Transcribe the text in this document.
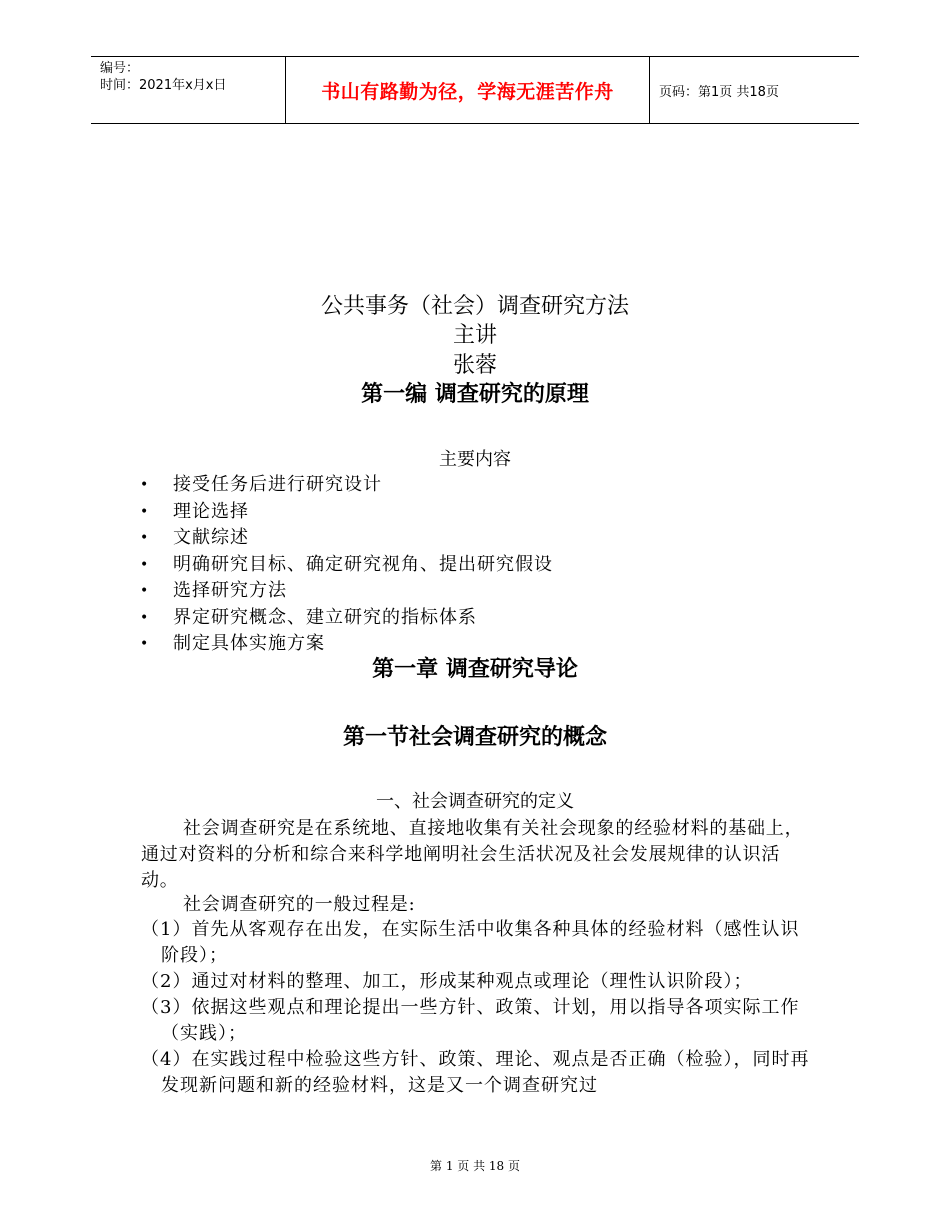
编号：
时间：2021年x月x日	书山有路勤为径，学海无涯苦作舟	页码：第1页 共18页
公共事务（社会）调查研究方法
主讲
张蓉
第一编 调查研究的原理
主要内容
• 接受任务后进行研究设计
• 理论选择
• 文献综述
• 明确研究目标、确定研究视角、提出研究假设
• 选择研究方法
• 界定研究概念、建立研究的指标体系
• 制定具体实施方案
第一章 调查研究导论
第一节社会调查研究的概念
一、社会调查研究的定义
社会调查研究是在系统地、直接地收集有关社会现象的经验材料的基础上，通过对资料的分析和综合来科学地阐明社会生活状况及社会发展规律的认识活动。
社会调查研究的一般过程是:
（1）首先从客观存在出发，在实际生活中收集各种具体的经验材料（感性认识阶段）；
（2）通过对材料的整理、加工，形成某种观点或理论（理性认识阶段）；
（3）依据这些观点和理论提出一些方针、政策、计划，用以指导各项实际工作（实践）；
（4）在实践过程中检验这些方针、政策、理论、观点是否正确（检验），同时再发现新问题和新的经验材料，这是又一个调查研究过
第 1 页 共 18 页
